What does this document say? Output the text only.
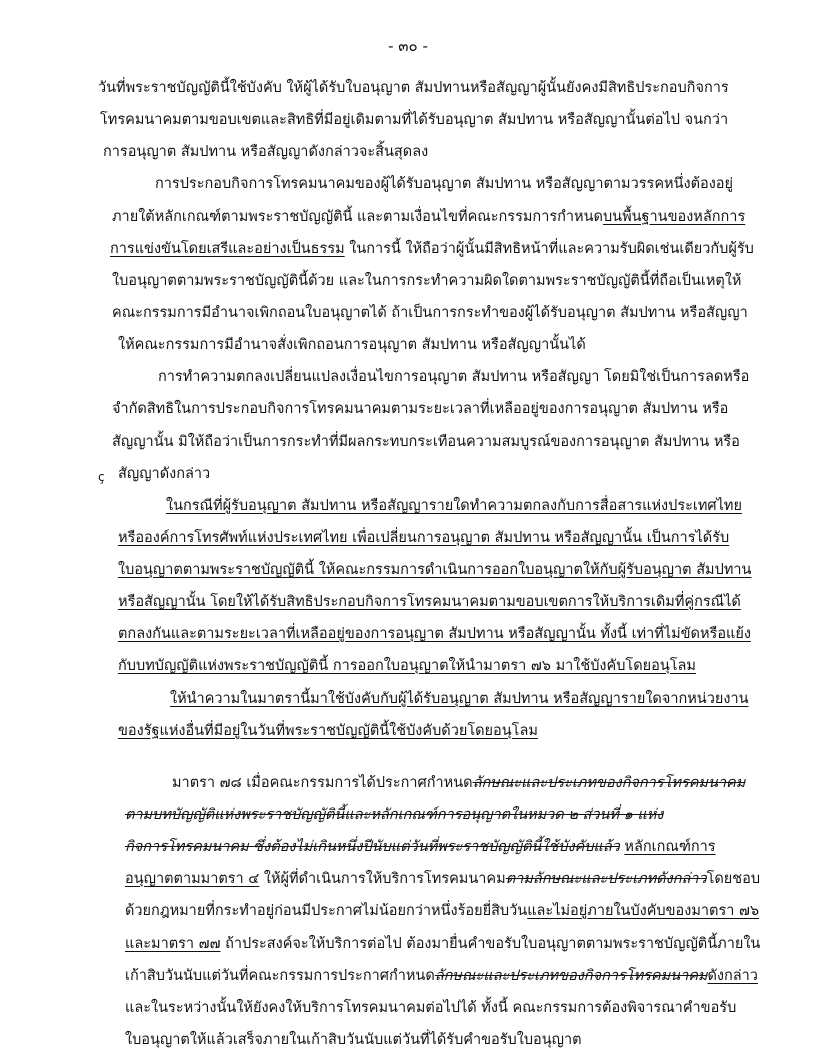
- ๓๐ -
ç
วันที่พระราชบัญญัตินี้ใช้บังคับ ให้ผู้ได้รับใบอนุญาต สัมปทานหรือสัญญาผู้นั้นยังคงมีสิทธิประกอบกิจการ
โทรคมนาคมตามขอบเขตและสิทธิที่มีอยู่เดิมตามที่ได้รับอนุญาต สัมปทาน หรือสัญญานั้นต่อไป จนกว่า
การอนุญาต สัมปทาน หรือสัญญาดังกล่าวจะสิ้นสุดลง
การประกอบกิจการโทรคมนาคมของผู้ได้รับอนุญาต สัมปทาน หรือสัญญาตามวรรคหนึ่งต้องอยู่
ภายใต้หลักเกณฑ์ตามพระราชบัญญัตินี้ และตามเงื่อนไขที่คณะกรรมการกำหนดบนพื้นฐานของหลักการ
การแข่งขันโดยเสรีและอย่างเป็นธรรม ในการนี้ ให้ถือว่าผู้นั้นมีสิทธิหน้าที่และความรับผิดเช่นเดียวกับผู้รับ
ใบอนุญาตตามพระราชบัญญัตินี้ด้วย และในการกระทำความผิดใดตามพระราชบัญญัตินี้ที่ถือเป็นเหตุให้
คณะกรรมการมีอำนาจเพิกถอนใบอนุญาตได้ ถ้าเป็นการกระทำของผู้ได้รับอนุญาต สัมปทาน หรือสัญญา
ให้คณะกรรมการมีอำนาจสั่งเพิกถอนการอนุญาต สัมปทาน หรือสัญญานั้นได้
การทำความตกลงเปลี่ยนแปลงเงื่อนไขการอนุญาต สัมปทาน หรือสัญญา โดยมิใช่เป็นการลดหรือ
จำกัดสิทธิในการประกอบกิจการโทรคมนาคมตามระยะเวลาที่เหลืออยู่ของการอนุญาต สัมปทาน หรือ
สัญญานั้น มิให้ถือว่าเป็นการกระทำที่มีผลกระทบกระเทือนความสมบูรณ์ของการอนุญาต สัมปทาน หรือ
สัญญาดังกล่าว
ในกรณีที่ผู้รับอนุญาต สัมปทาน หรือสัญญารายใดทำความตกลงกับการสื่อสารแห่งประเทศไทย
หรือองค์การโทรศัพท์แห่งประเทศไทย เพื่อเปลี่ยนการอนุญาต สัมปทาน หรือสัญญานั้น เป็นการได้รับ
ใบอนุญาตตามพระราชบัญญัตินี้ ให้คณะกรรมการดำเนินการออกใบอนุญาตให้กับผู้รับอนุญาต สัมปทาน
หรือสัญญานั้น โดยให้ได้รับสิทธิประกอบกิจการโทรคมนาคมตามขอบเขตการให้บริการเดิมที่คู่กรณีได้
ตกลงกันและตามระยะเวลาที่เหลืออยู่ของการอนุญาต สัมปทาน หรือสัญญานั้น ทั้งนี้ เท่าที่ไม่ขัดหรือแย้ง
กับบทบัญญัติแห่งพระราชบัญญัตินี้ การออกใบอนุญาตให้นำมาตรา ๗๖ มาใช้บังคับโดยอนุโลม
ให้นำความในมาตรานี้มาใช้บังคับกับผู้ได้รับอนุญาต สัมปทาน หรือสัญญารายใดจากหน่วยงาน
ของรัฐแห่งอื่นที่มีอยู่ในวันที่พระราชบัญญัตินี้ใช้บังคับด้วยโดยอนุโลม
มาตรา ๗๘ เมื่อคณะกรรมการได้ประกาศกำหนดลักษณะและประเภทของกิจการโทรคมนาคม
ตามบทบัญญัติแห่งพระราชบัญญัตินี้และหลักเกณฑ์การอนุญาตในหมวด ๒ ส่วนที่ ๑ แห่ง
กิจการโทรคมนาคม ซึ่งต้องไม่เกินหนึ่งปีนับแต่วันที่พระราชบัญญัตินี้ใช้บังคับแล้ว หลักเกณฑ์การ
อนุญาตตามมาตรา ๔ ให้ผู้ที่ดำเนินการให้บริการโทรคมนาคมตามลักษณะและประเภทดังกล่าวโดยชอบ
ด้วยกฎหมายที่กระทำอยู่ก่อนมีประกาศไม่น้อยกว่าหนึ่งร้อยยี่สิบวันและไม่อยู่ภายในบังคับของมาตรา ๗๖
และมาตรา ๗๗ ถ้าประสงค์จะให้บริการต่อไป ต้องมายื่นคำขอรับใบอนุญาตตามพระราชบัญญัตินี้ภายใน
เก้าสิบวันนับแต่วันที่คณะกรรมการประกาศกำหนดลักษณะและประเภทของกิจการโทรคมนาคมดังกล่าว
และในระหว่างนั้นให้ยังคงให้บริการโทรคมนาคมต่อไปได้ ทั้งนี้ คณะกรรมการต้องพิจารณาคำขอรับ
ใบอนุญาตให้แล้วเสร็จภายในเก้าสิบวันนับแต่วันที่ได้รับคำขอรับใบอนุญาต
